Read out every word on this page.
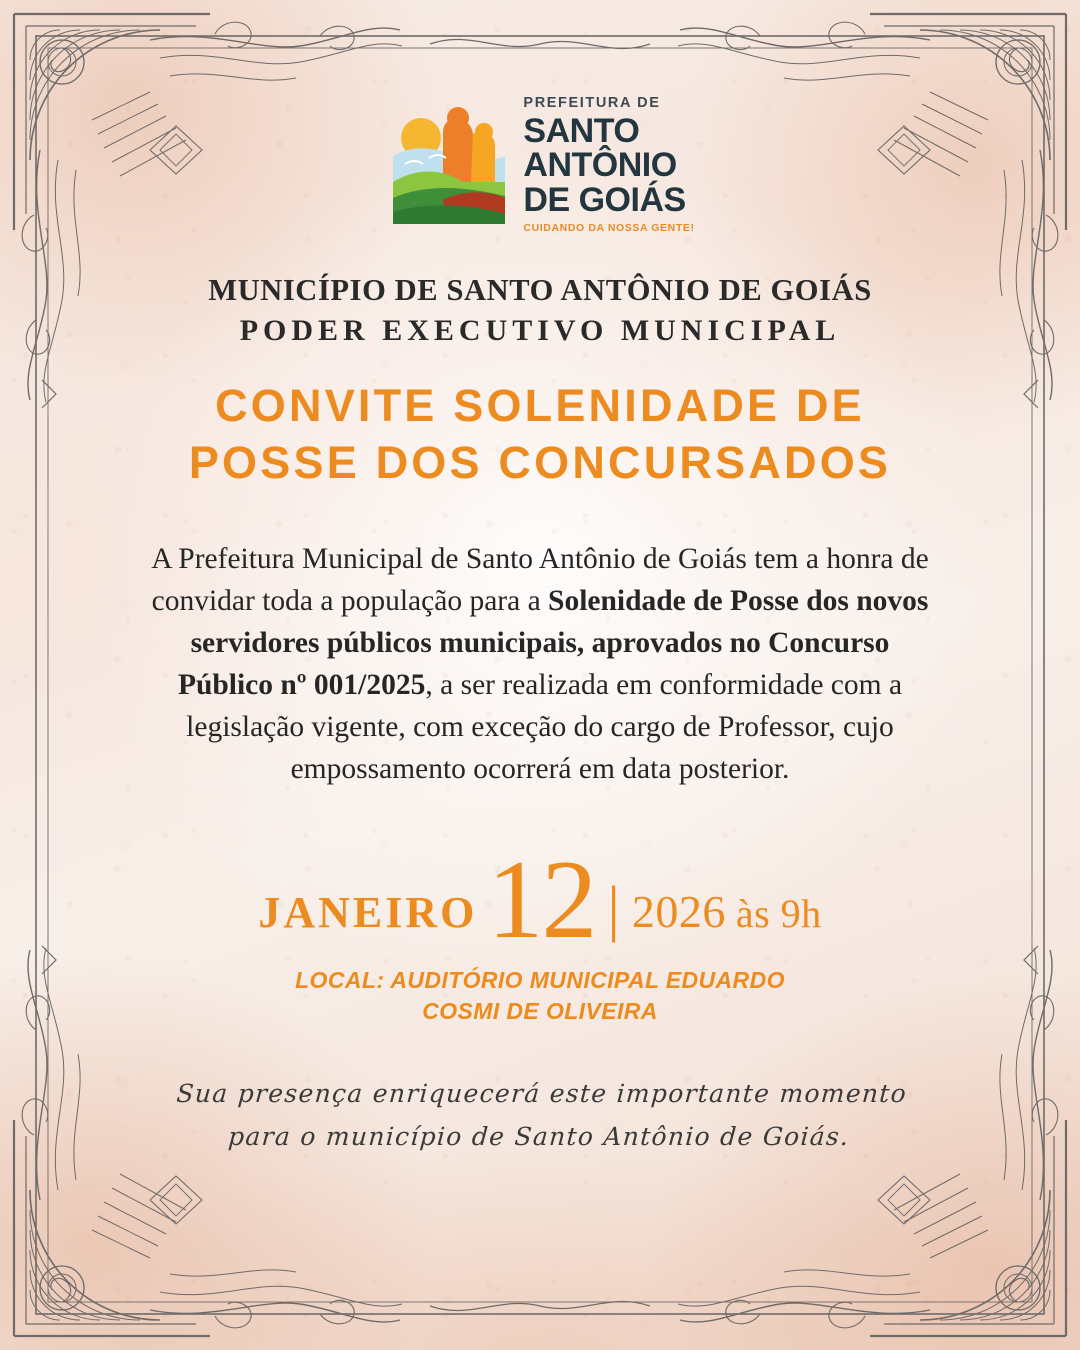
PREFEITURA DE
SANTO
ANTÔNIO
DE GOIÁS
CUIDANDO DA NOSSA GENTE!
MUNICÍPIO DE SANTO ANTÔNIO DE GOIÁS
PODER EXECUTIVO MUNICIPAL
CONVITE SOLENIDADE DE
POSSE DOS CONCURSADOS

A Prefeitura Municipal de Santo Antônio de Goiás tem a honra de convidar toda a população para a Solenidade de Posse dos novos servidores públicos municipais, aprovados no Concurso Público nº 001/2025, a ser realizada em conformidade com a legislação vigente, com exceção do cargo de Professor, cujo empossamento ocorrerá em data posterior.

JANEIRO 12 | 2026 às 9h
LOCAL: AUDITÓRIO MUNICIPAL EDUARDO
COSMI DE OLIVEIRA
Sua presença enriquecerá este importante momento
para o município de Santo Antônio de Goiás.
